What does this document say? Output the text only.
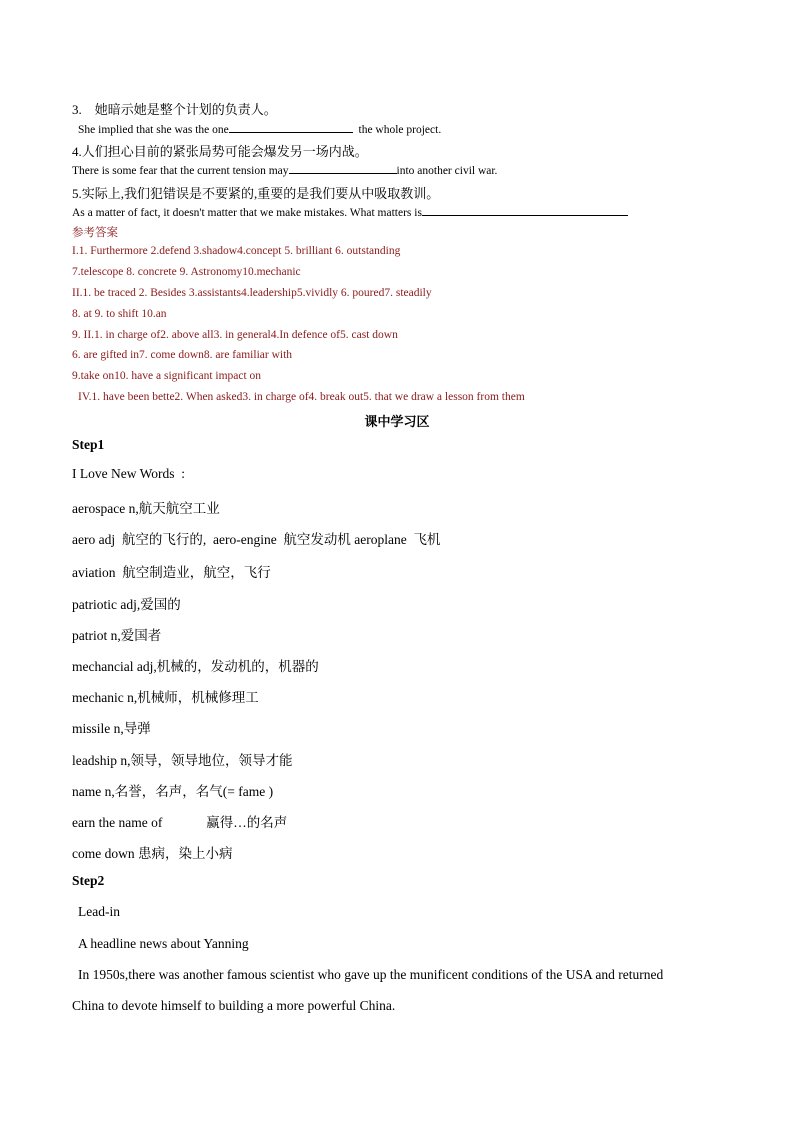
3.　她暗示她是整个计划的负责人。
She implied that she was the one	the whole project.
4.人们担心目前的紧张局势可能会爆发另一场内战。
There is some fear that the current tension may	into another civil war.
5.实际上,我们犯错误是不要紧的,重要的是我们要从中吸取教训。
As a matter of fact, it doesn't matter that we make mistakes. What matters is
参考答案
I.1. Furthermore 2.defend 3.shadow4.concept 5. brilliant 6. outstanding
7.telescope 8. concrete 9. Astronomy10.mechanic
II.1. be traced 2. Besides 3.assistants4.leadership5.vividly 6. poured7. steadily
8. at 9. to shift 10.an
9. II.1. in charge of2. above all3. in general4.In defence of5. cast down
6. are gifted in7. come down8. are familiar with
9.take on10. have a significant impact on
IV.1. have been bette2. When asked3. in charge of4. break out5. that we draw a lesson from them
课中学习区
Step1
I Love New Words  :
aerospace n,航天航空工业
aero adj  航空的飞行的,  aero-engine  航空发动机 aeroplane  飞机
aviation  航空制造业，航空，飞行
patriotic adj,爱国的
patriot n,爱国者
mechancial adj,机械的，发动机的，机器的
mechanic n,机械师，机械修理工
missile n,导弹
leadship n,领导，领导地位，领导才能
name n,名誉，名声，名气(= fame )
earn the name of             赢得…的名声
come down 患病，染上小病
Step2
Lead-in
A headline news about Yanning
In 1950s,there was another famous scientist who gave up the munificent conditions of the USA and returned
China to devote himself to building a more powerful China.
